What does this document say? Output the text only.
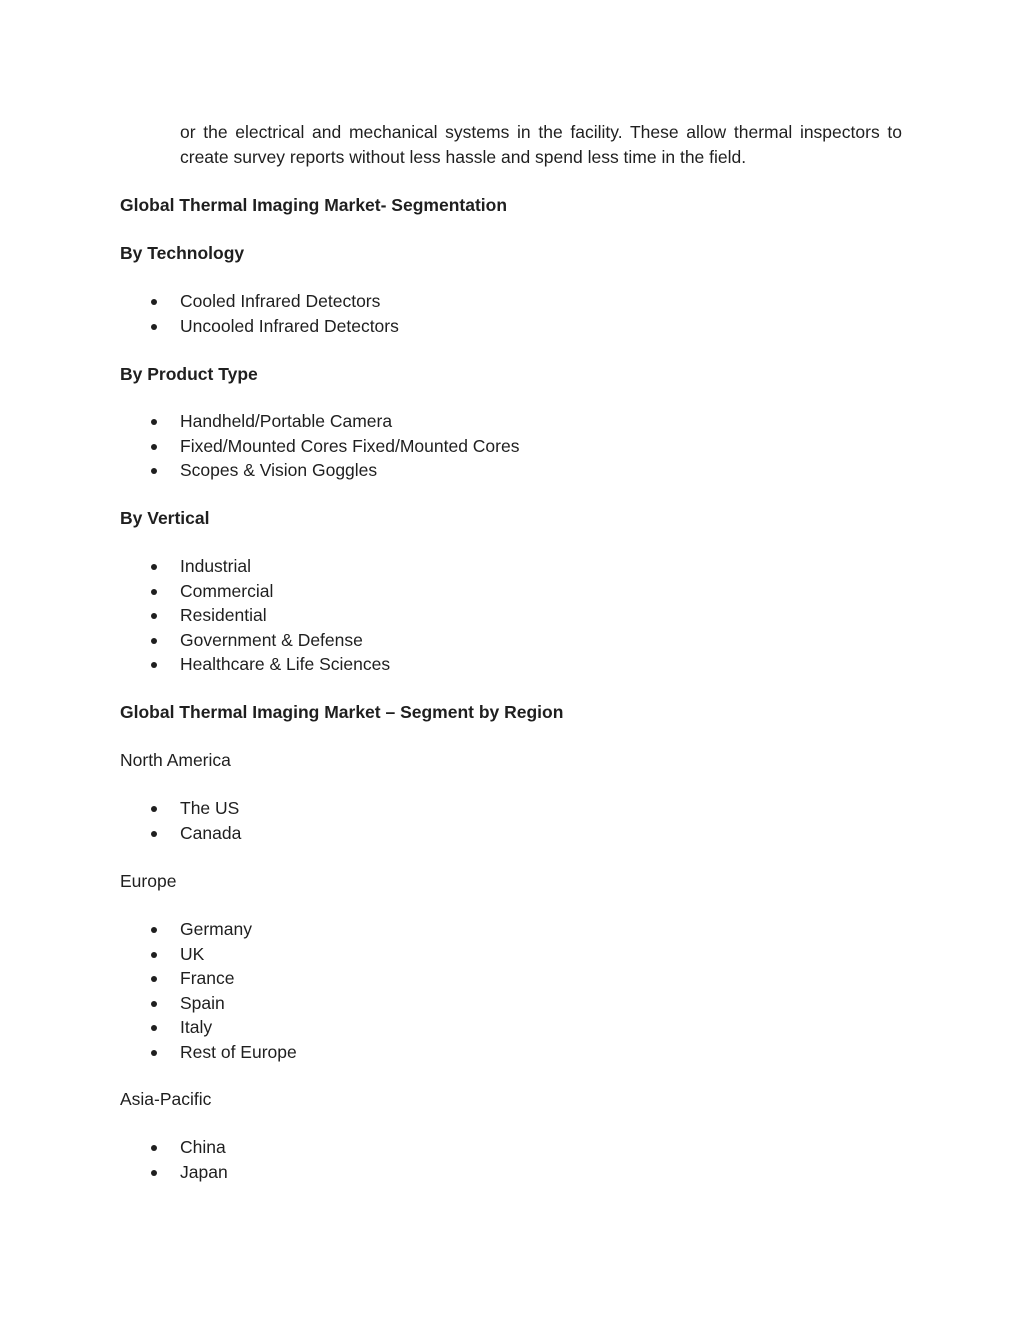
or the electrical and mechanical systems in the facility. These allow thermal inspectors to create survey reports without less hassle and spend less time in the field.

Global Thermal Imaging Market- Segmentation

By Technology

Cooled Infrared Detectors
Uncooled Infrared Detectors

By Product Type

Handheld/Portable Camera
Fixed/Mounted Cores Fixed/Mounted Cores
Scopes & Vision Goggles

By Vertical

Industrial
Commercial
Residential
Government & Defense
Healthcare & Life Sciences

Global Thermal Imaging Market – Segment by Region

North America

The US
Canada

Europe

Germany
UK
France
Spain
Italy
Rest of Europe

Asia-Pacific

China
Japan
